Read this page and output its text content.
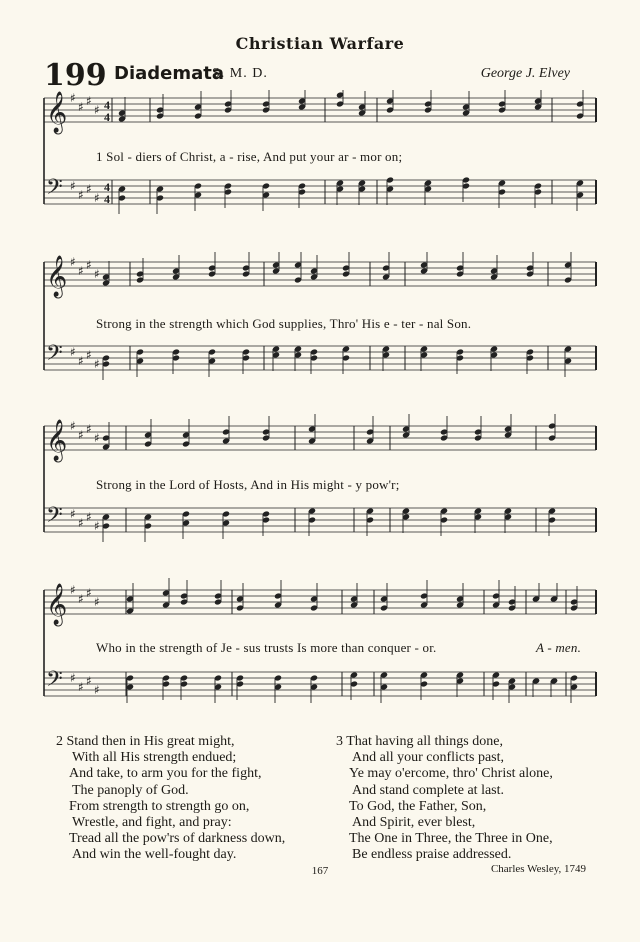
Christian Warfare
199 Diademata
S. M. D.	George J. Elvey
𝄞 ♯
♯ ♯
♯
𝄢 ♯
♯ ♯
♯
4
4
4
4
1 Sol - diers of Christ, a - rise, And put your ar - mor on;
𝄞 ♯
♯ ♯
♯
𝄢 ♯
♯ ♯
♯
Strong in the strength which God supplies, Thro' His e - ter - nal Son.
𝄞 ♯
♯ ♯
♯
𝄢 ♯
♯ ♯
♯
Strong in the Lord of Hosts, And in His might - y pow'r;
𝄞 ♯
♯ ♯
♯
𝄢 ♯
♯ ♯
♯
Who in the strength of Je - sus trusts Is more than conquer - or.	A - men.
2 Stand then in His great might,
With all His strength endued;
And take, to arm you for the fight,
The panoply of God.
From strength to strength go on,
Wrestle, and fight, and pray:
Tread all the pow'rs of darkness down,
And win the well-fought day.
3 That having all things done,
And all your conflicts past,
Ye may o'ercome, thro' Christ alone,
And stand complete at last.
To God, the Father, Son,
And Spirit, ever blest,
The One in Three, the Three in One,
Be endless praise addressed.
167	Charles Wesley, 1749
